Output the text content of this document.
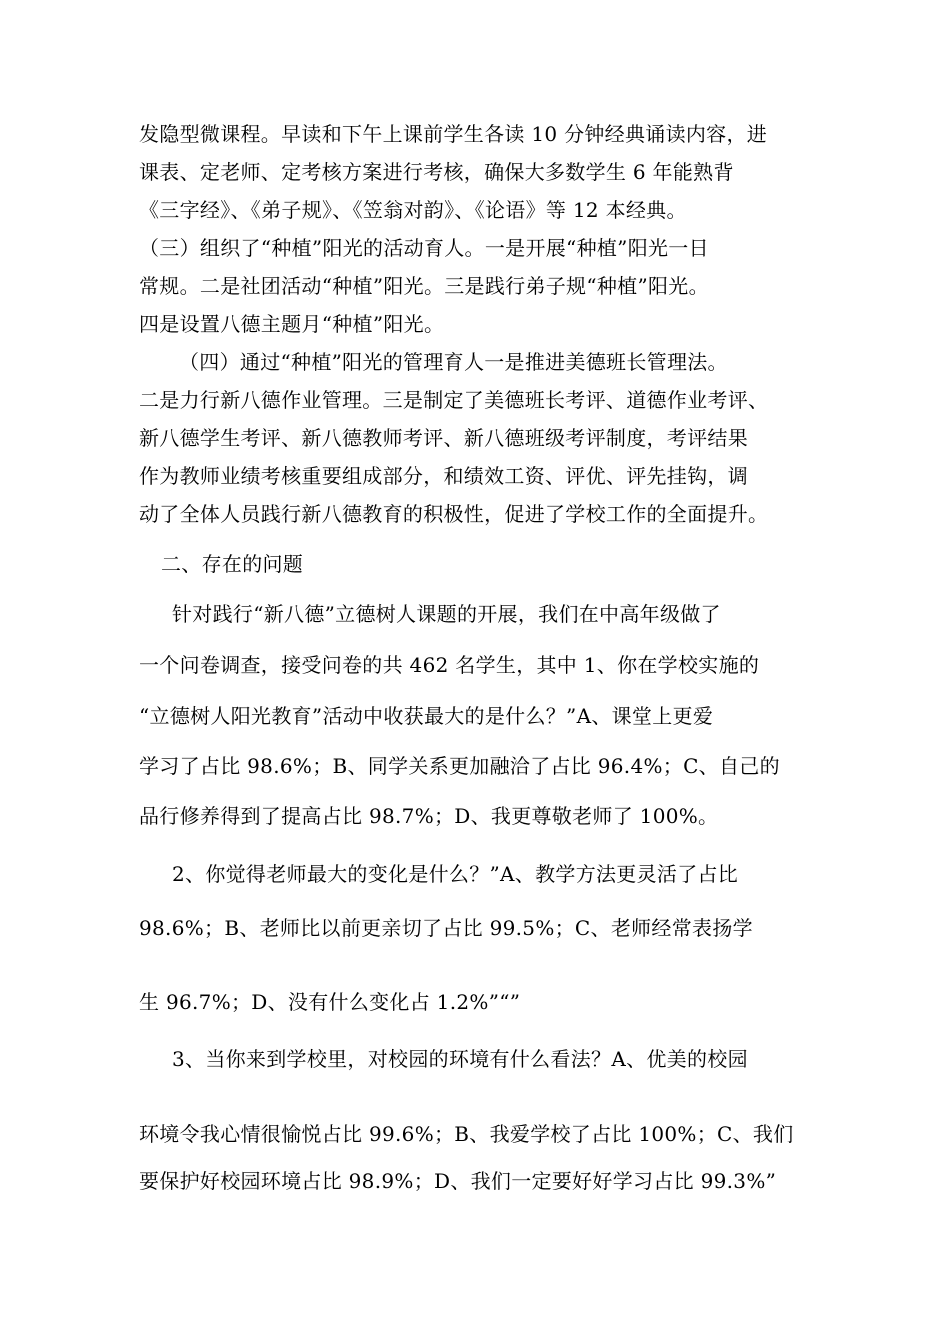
发隐型微课程。早读和下午上课前学生各读 10 分钟经典诵读内容，进
课表、定老师、定考核方案进行考核，确保大多数学生 6 年能熟背
《三字经》、《弟子规》、《笠翁对韵》、《论语》等 12 本经典。
（三）组织了“种植”阳光的活动育人。一是开展“种植”阳光一日
常规。二是社团活动“种植”阳光。三是践行弟子规“种植”阳光。
四是设置八德主题月“种植”阳光。
（四）通过“种植”阳光的管理育人一是推进美德班长管理法。
二是力行新八德作业管理。三是制定了美德班长考评、道德作业考评、
新八德学生考评、新八德教师考评、新八德班级考评制度，考评结果
作为教师业绩考核重要组成部分，和绩效工资、评优、评先挂钩，调
动了全体人员践行新八德教育的积极性，促进了学校工作的全面提升。
二、存在的问题
针对践行“新八德”立德树人课题的开展，我们在中高年级做了
一个问卷调查，接受问卷的共 462 名学生，其中 1、你在学校实施的
“立德树人阳光教育”活动中收获最大的是什么？”A、课堂上更爱
学习了占比 98.6%；B、同学关系更加融洽了占比 96.4%；C、自己的
品行修养得到了提高占比 98.7%；D、我更尊敬老师了 100%。
2、你觉得老师最大的变化是什么？”A、教学方法更灵活了占比
98.6%；B、老师比以前更亲切了占比 99.5%；C、老师经常表扬学
生 96.7%；D、没有什么变化占 1.2%”“”
3、当你来到学校里，对校园的环境有什么看法？A、优美的校园
环境令我心情很愉悦占比 99.6%；B、我爱学校了占比 100%；C、我们
要保护好校园环境占比 98.9%；D、我们一定要好好学习占比 99.3%”
